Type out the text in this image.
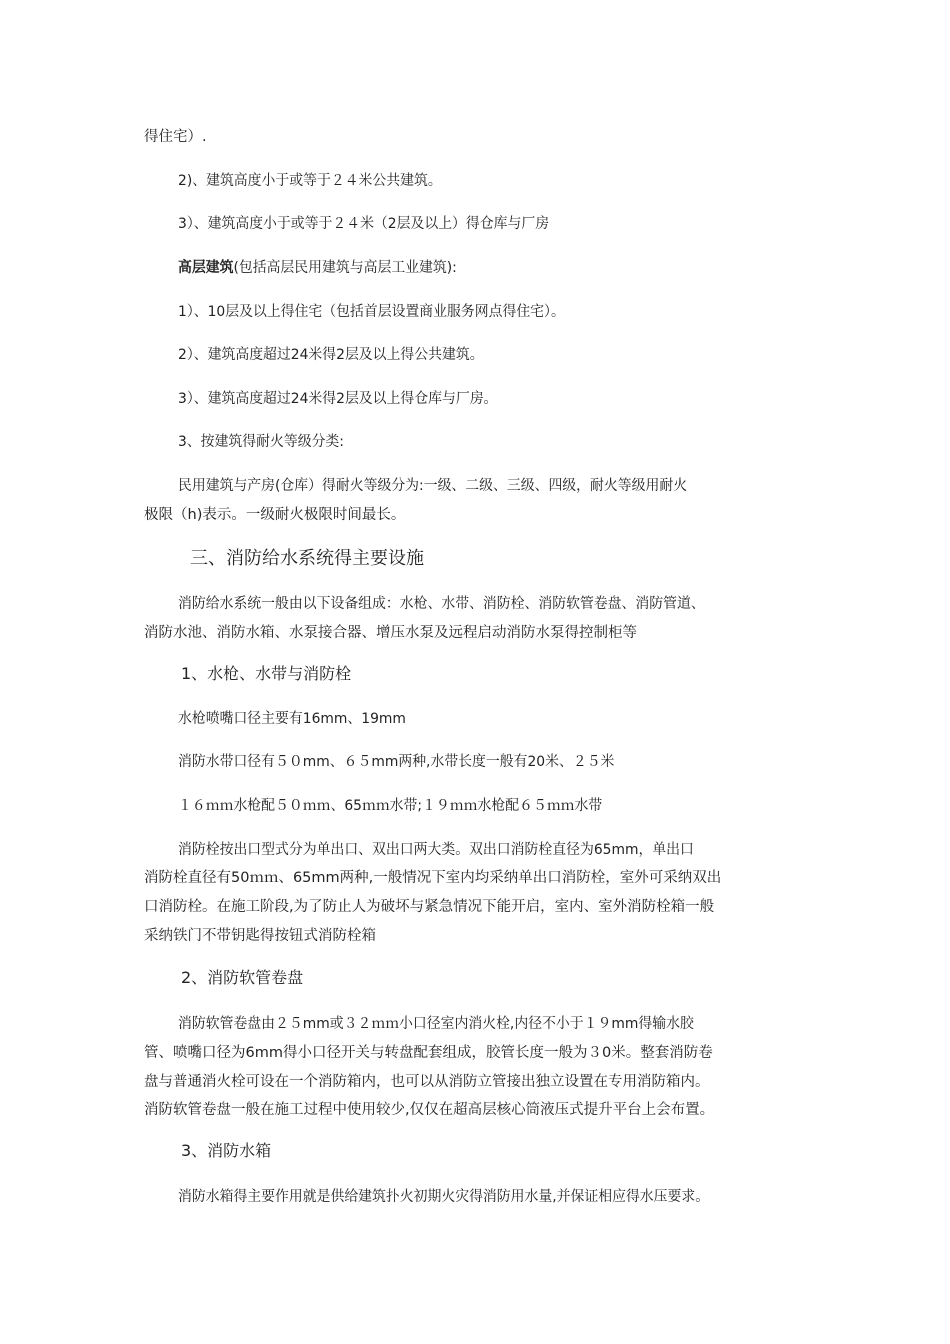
得住宅）.
2)、建筑高度小于或等于２４米公共建筑。
3）、建筑高度小于或等于２４米（2层及以上）得仓库与厂房
高层建筑(包括高层民用建筑与高层工业建筑):
1）、10层及以上得住宅（包括首层设置商业服务网点得住宅）。
2）、建筑高度超过24米得2层及以上得公共建筑。
3）、建筑高度超过24米得2层及以上得仓库与厂房。
3、按建筑得耐火等级分类:
民用建筑与产房(仓库）得耐火等级分为:一级、二级、三级、四级，耐火等级用耐火
极限（h)表示。一级耐火极限时间最长。
三、消防给水系统得主要设施
消防给水系统一般由以下设备组成：水枪、水带、消防栓、消防软管卷盘、消防管道、
消防水池、消防水箱、水泵接合器、增压水泵及远程启动消防水泵得控制柜等
1、水枪、水带与消防栓
水枪喷嘴口径主要有16mm、19mm
消防水带口径有５０mm、６５mm两种,水带长度一般有20米、２５米
１６ｍｍ水枪配５０ｍｍ、65ｍｍ水带;１９ｍｍ水枪配６５ｍｍ水带
消防栓按出口型式分为单出口、双出口两大类。双出口消防栓直径为65mm，单出口
消防栓直径有50ｍｍ、65mm两种,一般情况下室内均采纳单出口消防栓，室外可采纳双出
口消防栓。在施工阶段,为了防止人为破坏与紧急情况下能开启，室内、室外消防栓箱一般
采纳铁门不带钥匙得按钮式消防栓箱
2、消防软管卷盘
消防软管卷盘由２５mm或３２ｍｍ小口径室内消火栓,内径不小于１９mm得输水胶
管、喷嘴口径为6mm得小口径开关与转盘配套组成，胶管长度一般为３0米。整套消防卷
盘与普通消火栓可设在一个消防箱内，也可以从消防立管接出独立设置在专用消防箱内。
消防软管卷盘一般在施工过程中使用较少,仅仅在超高层核心筒液压式提升平台上会布置。
3、消防水箱
消防水箱得主要作用就是供给建筑扑火初期火灾得消防用水量,并保证相应得水压要求。
